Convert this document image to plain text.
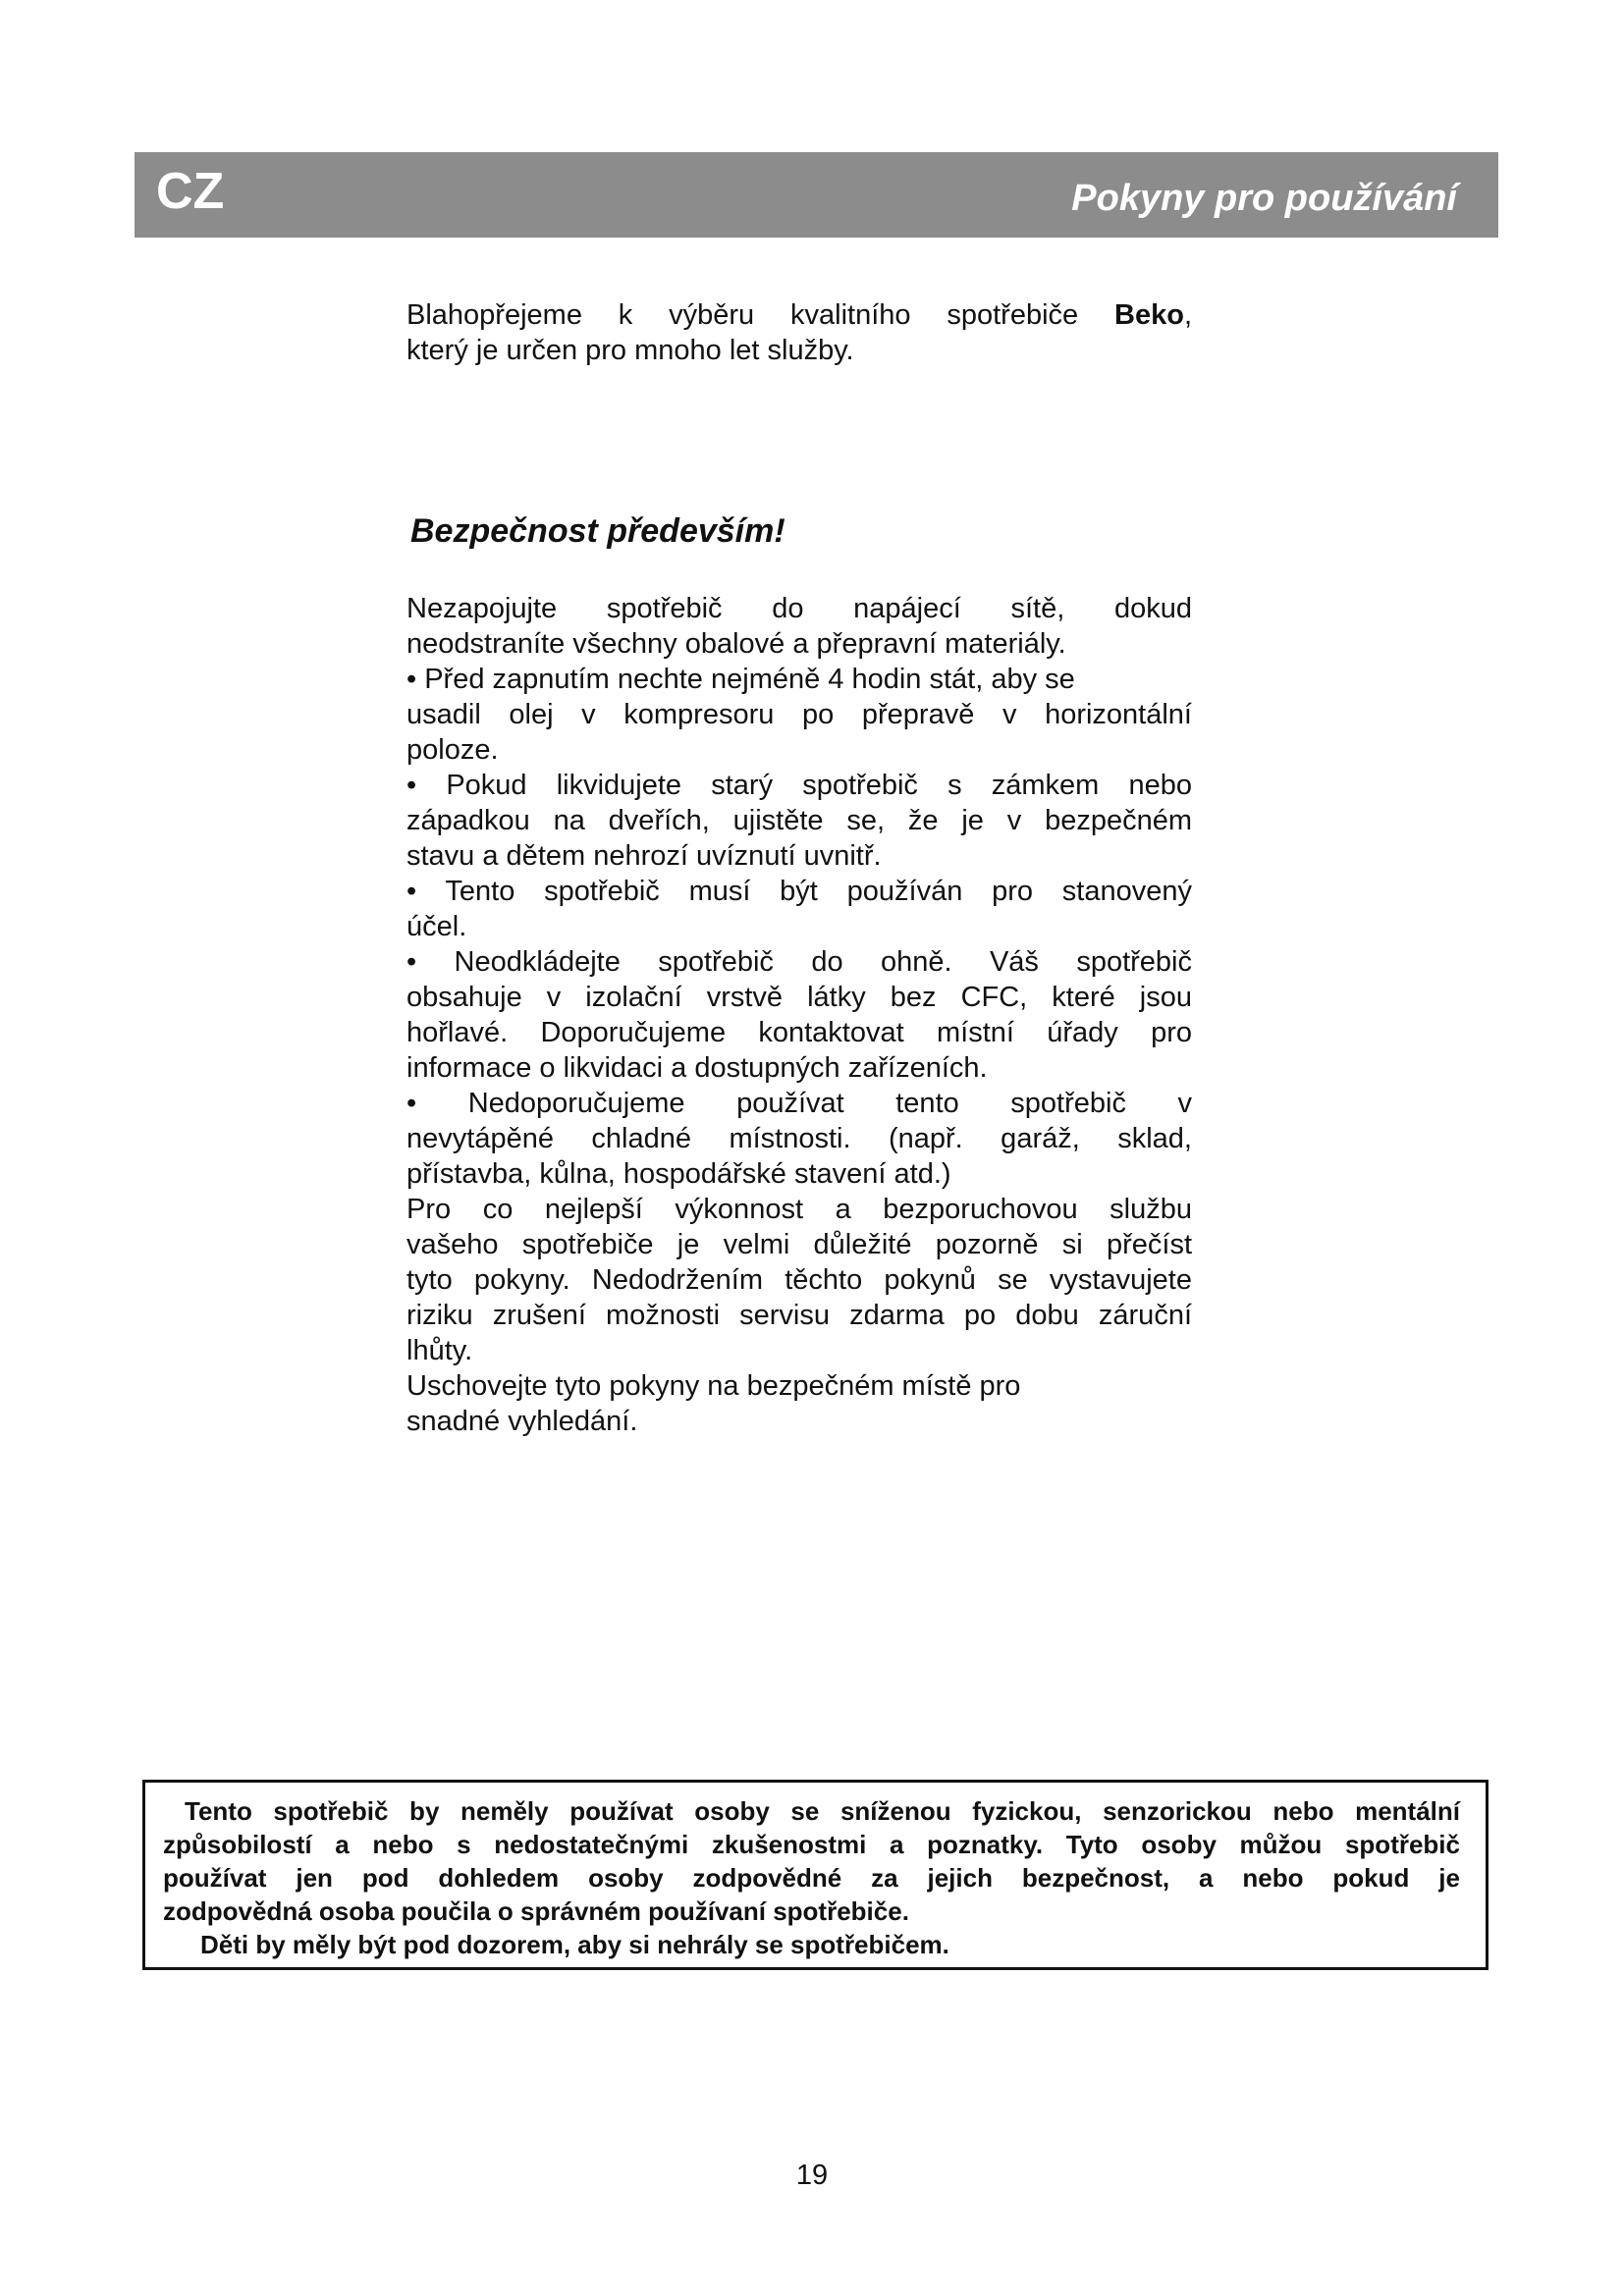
CZ	Pokyny pro používání

Blahopřejeme k výběru kvalitního spotřebiče Beko,

který je určen pro mnoho let služby.

Bezpečnost především!

Nezapojujte spotřebič do napájecí sítě, dokud

neodstraníte všechny obalové a přepravní materiály.

• Před zapnutím nechte nejméně 4 hodin stát, aby se

usadil olej v kompresoru po přepravě v horizontální

poloze.

• Pokud likvidujete starý spotřebič s zámkem nebo

západkou na dveřích, ujistěte se, že je v bezpečném

stavu a dětem nehrozí uvíznutí uvnitř.

• Tento spotřebič musí být používán pro stanovený

účel.

• Neodkládejte spotřebič do ohně. Váš spotřebič

obsahuje v izolační vrstvě látky bez CFC, které jsou

hořlavé. Doporučujeme kontaktovat místní úřady pro

informace o likvidaci a dostupných zařízeních.

• Nedoporučujeme používat tento spotřebič v

nevytápěné chladné místnosti. (např. garáž, sklad,

přístavba, kůlna, hospodářské stavení atd.)

Pro co nejlepší výkonnost a bezporuchovou službu

vašeho spotřebiče je velmi důležité pozorně si přečíst

tyto pokyny. Nedodržením těchto pokynů se vystavujete

riziku zrušení možnosti servisu zdarma po dobu záruční

lhůty.

Uschovejte tyto pokyny na bezpečném místě pro

snadné vyhledání.

Tento spotřebič by neměly používat osoby se sníženou fyzickou, senzorickou nebo mentální

způsobilostí a nebo s nedostatečnými zkušenostmi a poznatky. Tyto osoby můžou spotřebič

používat jen pod dohledem osoby zodpovědné za jejich bezpečnost, a nebo pokud je

zodpovědná osoba poučila o správném používaní spotřebiče.

Děti by měly být pod dozorem, aby si nehrály se spotřebičem.

19
